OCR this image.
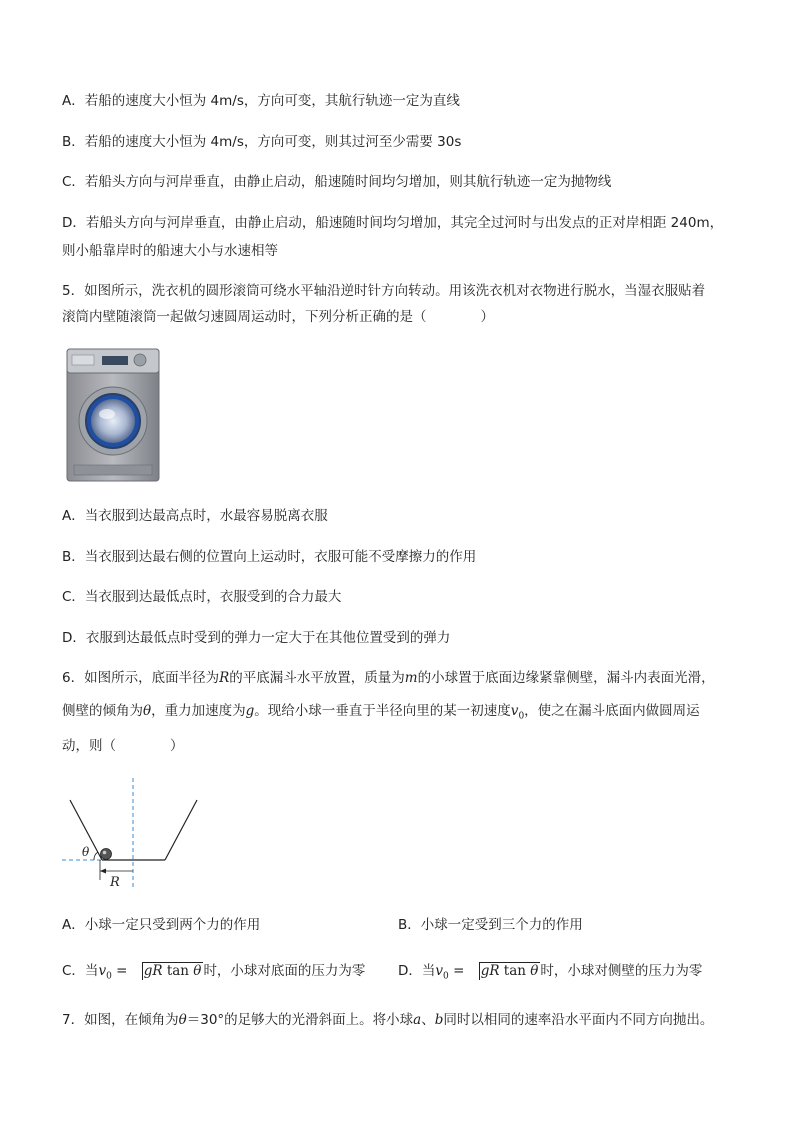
A．若船的速度大小恒为 4m/s，方向可变，其航行轨迹一定为直线
B．若船的速度大小恒为 4m/s，方向可变，则其过河至少需要 30s
C．若船头方向与河岸垂直，由静止启动，船速随时间均匀增加，则其航行轨迹一定为抛物线
D．若船头方向与河岸垂直，由静止启动，船速随时间均匀增加，其完全过河时与出发点的正对岸相距 240m，
则小船靠岸时的船速大小与水速相等
5．如图所示，洗衣机的圆形滚筒可绕水平轴沿逆时针方向转动。用该洗衣机对衣物进行脱水，当湿衣服贴着
滚筒内壁随滚筒一起做匀速圆周运动时，下列分析正确的是（　　　　）
A．当衣服到达最高点时，水最容易脱离衣服
B．当衣服到达最右侧的位置向上运动时，衣服可能不受摩擦力的作用
C．当衣服到达最低点时，衣服受到的合力最大
D．衣服到达最低点时受到的弹力一定大于在其他位置受到的弹力
6．如图所示，底面半径为R的平底漏斗水平放置，质量为m的小球置于底面边缘紧靠侧壁，漏斗内表面光滑，
侧壁的倾角为θ，重力加速度为g。现给小球一垂直于半径向里的某一初速度$v_0$，使之在漏斗底面内做圆周运
动，则（　　　　）
θ
R
A．小球一定只受到两个力的作用	B．小球一定受到三个力的作用
C．当$v_0$ = gR tan θ 时，小球对底面的压力为零 D．当$v_0$ = gR tan θ 时，小球对侧壁的压力为零
7．如图，在倾角为θ＝30°的足够大的光滑斜面上。将小球a、b同时以相同的速率沿水平面内不同方向抛出。
